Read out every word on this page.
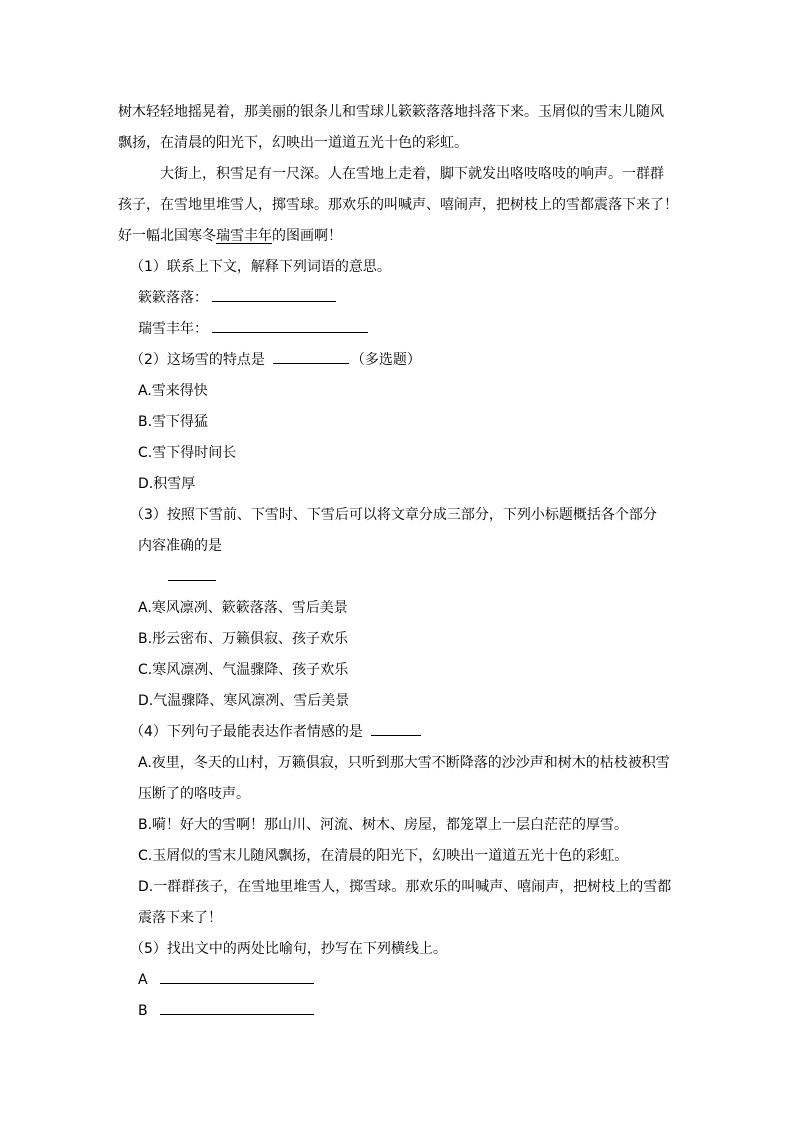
树木轻轻地摇晃着，那美丽的银条儿和雪球儿簌簌落落地抖落下来。玉屑似的雪末儿随风

飘扬，在清晨的阳光下，幻映出一道道五光十色的彩虹。

大街上，积雪足有一尺深。人在雪地上走着，脚下就发出咯吱咯吱的响声。一群群

孩子，在雪地里堆雪人，掷雪球。那欢乐的叫喊声、嘻闹声，把树枝上的雪都震落下来了！

好一幅北国寒冬瑞雪丰年的图画啊！

（1）联系上下文，解释下列词语的意思。

簌簌落落：

瑞雪丰年：

（2）这场雪的特点是	（多选题）

A.雪来得快

B.雪下得猛

C.雪下得时间长

D.积雪厚

（3）按照下雪前、下雪时、下雪后可以将文章分成三部分，下列小标题概括各个部分

内容准确的是

A.寒风凛冽、簌簌落落、雪后美景

B.彤云密布、万籁俱寂、孩子欢乐

C.寒风凛冽、气温骤降、孩子欢乐

D.气温骤降、寒风凛冽、雪后美景

（4）下列句子最能表达作者情感的是

A.夜里，冬天的山村，万籁俱寂，只听到那大雪不断降落的沙沙声和树木的枯枝被积雪

压断了的咯吱声。

B.嗬！好大的雪啊！那山川、河流、树木、房屋，都笼罩上一层白茫茫的厚雪。

C.玉屑似的雪末儿随风飘扬，在清晨的阳光下，幻映出一道道五光十色的彩虹。

D.一群群孩子，在雪地里堆雪人，掷雪球。那欢乐的叫喊声、嘻闹声，把树枝上的雪都

震落下来了！

（5）找出文中的两处比喻句，抄写在下列横线上。

A

B
